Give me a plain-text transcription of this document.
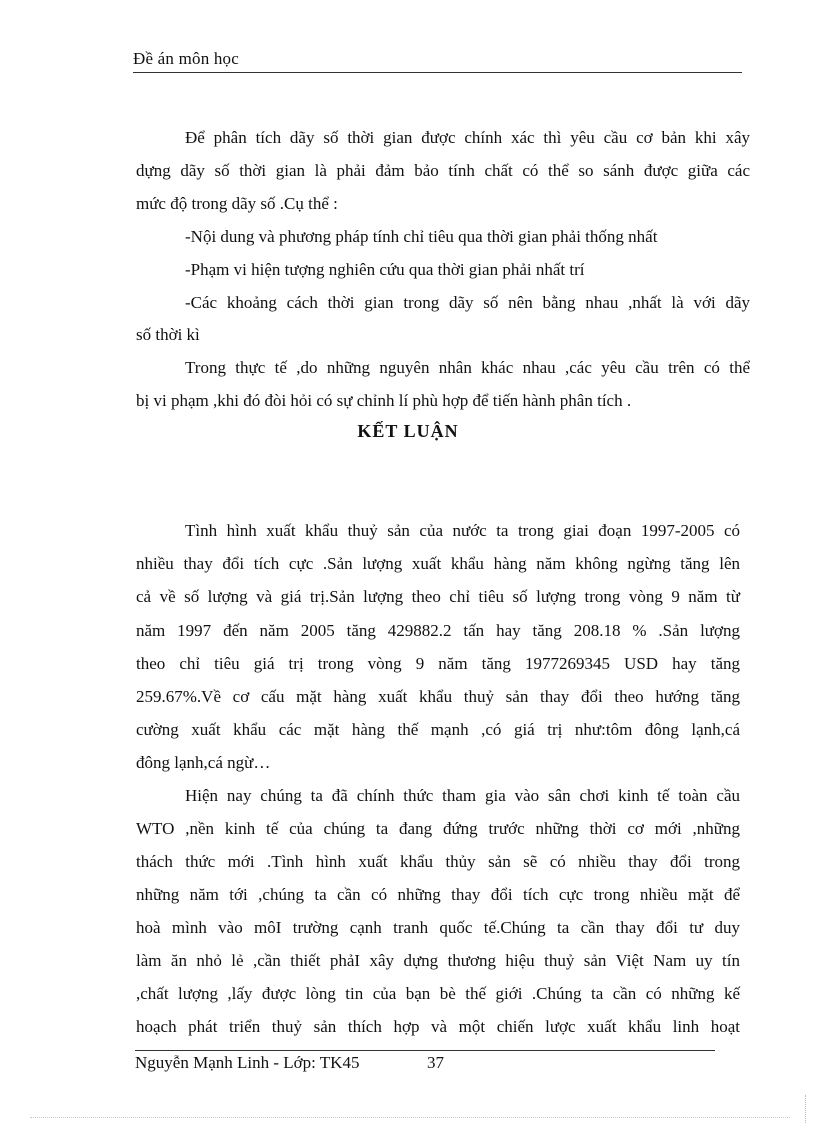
Đề án môn học
Để phân tích dãy số thời gian được chính xác thì yêu cầu cơ bản khi xây
dựng dãy số thời gian là phải đảm bảo tính chất có thể so sánh được giữa các
mức độ trong dãy số .Cụ thể :
-Nội dung và phương pháp tính chỉ tiêu qua thời gian phải thống nhất
-Phạm vi hiện tượng nghiên cứu qua thời gian phải nhất trí
-Các khoảng cách thời gian trong dãy số nên bằng nhau ,nhất là với dãy
số thời kì
Trong thực tế ,do những nguyên nhân khác nhau ,các yêu cầu trên có thể
bị vi phạm ,khi đó đòi hỏi có sự chỉnh lí phù hợp để tiến hành phân tích .
KẾT LUẬN
Tình hình xuất khẩu thuỷ sản của nước ta trong giai đoạn 1997-2005 có
nhiều thay đổi tích cực .Sản lượng xuất khẩu hàng năm không ngừng tăng lên
cả về số lượng và giá trị.Sản lượng theo chỉ tiêu số lượng trong vòng 9 năm từ
năm 1997 đến năm 2005 tăng 429882.2 tấn hay tăng 208.18 % .Sản lượng
theo chỉ tiêu giá trị trong vòng 9 năm tăng 1977269345 USD hay tăng
259.67%.Về cơ cấu mặt hàng xuất khẩu thuỷ sản thay đổi theo hướng tăng
cường xuất khẩu các mặt hàng thế mạnh ,có giá trị như:tôm đông lạnh,cá
đông lạnh,cá ngừ…
Hiện nay chúng ta đã chính thức tham gia vào sân chơi kinh tế toàn cầu
WTO ,nền kinh tế của chúng ta đang đứng trước những thời cơ mới ,những
thách thức mới .Tình hình xuất khẩu thủy sản sẽ có nhiều thay đổi trong
những năm tới ,chúng ta cần có những thay đổi tích cực trong nhiều mặt để
hoà mình vào môI trường cạnh tranh quốc tế.Chúng ta cần thay đổi tư duy
làm ăn nhỏ lẻ ,cần thiết phảI xây dựng thương hiệu thuỷ sản Việt Nam uy tín
,chất lượng ,lấy được lòng tin của bạn bè thế giới .Chúng ta cần có những kế
hoạch phát triển thuỷ sản thích hợp và một chiến lược xuất khẩu linh hoạt
Nguyễn Mạnh Linh - Lớp: TK45	37
